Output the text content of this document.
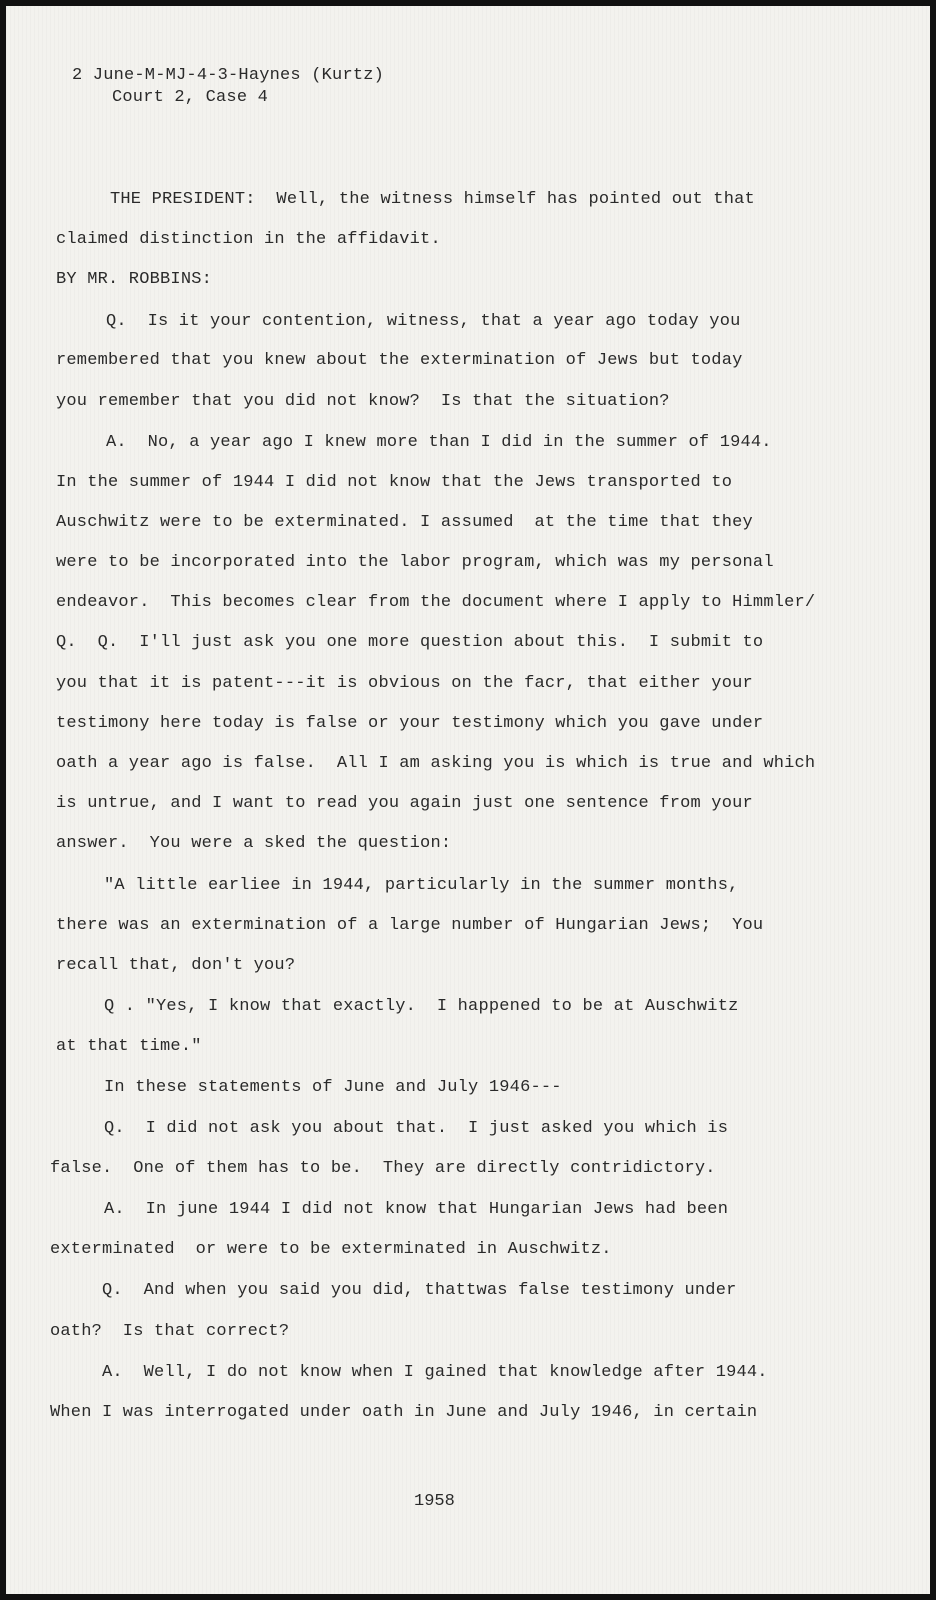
2 June-M-MJ-4-3-Haynes (Kurtz)
Court 2, Case 4
THE PRESIDENT:  Well, the witness himself has pointed out that
claimed distinction in the affidavit.
BY MR. ROBBINS:
Q.  Is it your contention, witness, that a year ago today you
remembered that you knew about the extermination of Jews but today
you remember that you did not know?  Is that the situation?
A.  No, a year ago I knew more than I did in the summer of 1944.
In the summer of 1944 I did not know that the Jews transported to
Auschwitz were to be exterminated. I assumed  at the time that they
were to be incorporated into the labor program, which was my personal
endeavor.  This becomes clear from the document where I apply to Himmler/
Q.  Q.  I'll just ask you one more question about this.  I submit to
you that it is patent---it is obvious on the facr, that either your
testimony here today is false or your testimony which you gave under
oath a year ago is false.  All I am asking you is which is true and which
is untrue, and I want to read you again just one sentence from your
answer.  You were a sked the question:
"A little earliee in 1944, particularly in the summer months,
there was an extermination of a large number of Hungarian Jews;  You
recall that, don't you?
Q . "Yes, I know that exactly.  I happened to be at Auschwitz
at that time."
In these statements of June and July 1946---
Q.  I did not ask you about that.  I just asked you which is
false.  One of them has to be.  They are directly contridictory.
A.  In june 1944 I did not know that Hungarian Jews had been
exterminated  or were to be exterminated in Auschwitz.
Q.  And when you said you did, thattwas false testimony under
oath?  Is that correct?
A.  Well, I do not know when I gained that knowledge after 1944.
When I was interrogated under oath in June and July 1946, in certain
1958
